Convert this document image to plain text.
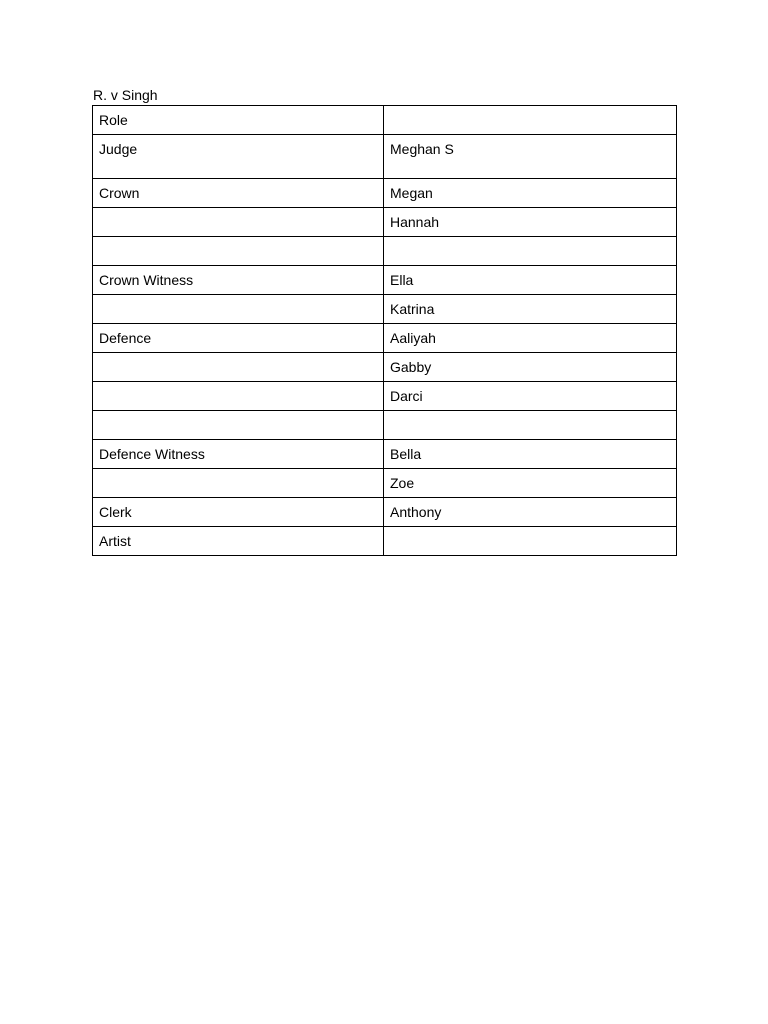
R. v Singh
Role	
Judge	Meghan S
Crown	Megan
	Hannah

Crown Witness	Ella
	Katrina
Defence	Aaliyah
	Gabby
	Darci

Defence Witness	Bella
	Zoe
Clerk	Anthony
Artist	
